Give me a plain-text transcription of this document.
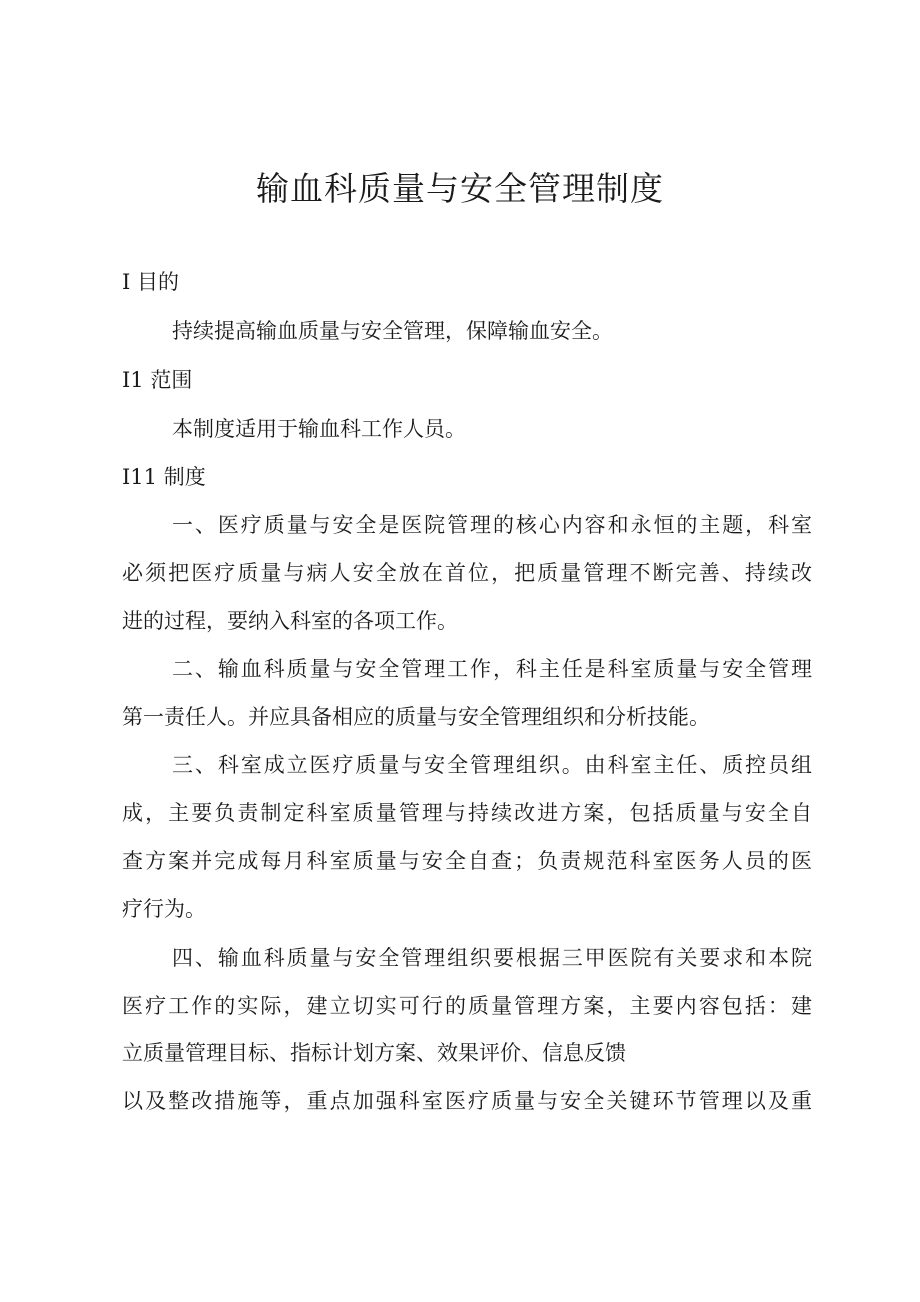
输血科质量与安全管理制度
I 目的
持续提高输血质量与安全管理，保障输血安全。
I1 范围
本制度适用于输血科工作人员。
I11 制度
一、医疗质量与安全是医院管理的核心内容和永恒的主题，科室
必须把医疗质量与病人安全放在首位，把质量管理不断完善、持续改
进的过程，要纳入科室的各项工作。
二、输血科质量与安全管理工作，科主任是科室质量与安全管理
第一责任人。并应具备相应的质量与安全管理组织和分析技能。
三、科室成立医疗质量与安全管理组织。由科室主任、质控员组
成，主要负责制定科室质量管理与持续改进方案，包括质量与安全自
查方案并完成每月科室质量与安全自查；负责规范科室医务人员的医
疗行为。
四、输血科质量与安全管理组织要根据三甲医院有关要求和本院
医疗工作的实际，建立切实可行的质量管理方案，主要内容包括：建
立质量管理目标、指标计划方案、效果评价、信息反馈
以及整改措施等，重点加强科室医疗质量与安全关键环节管理以及重
